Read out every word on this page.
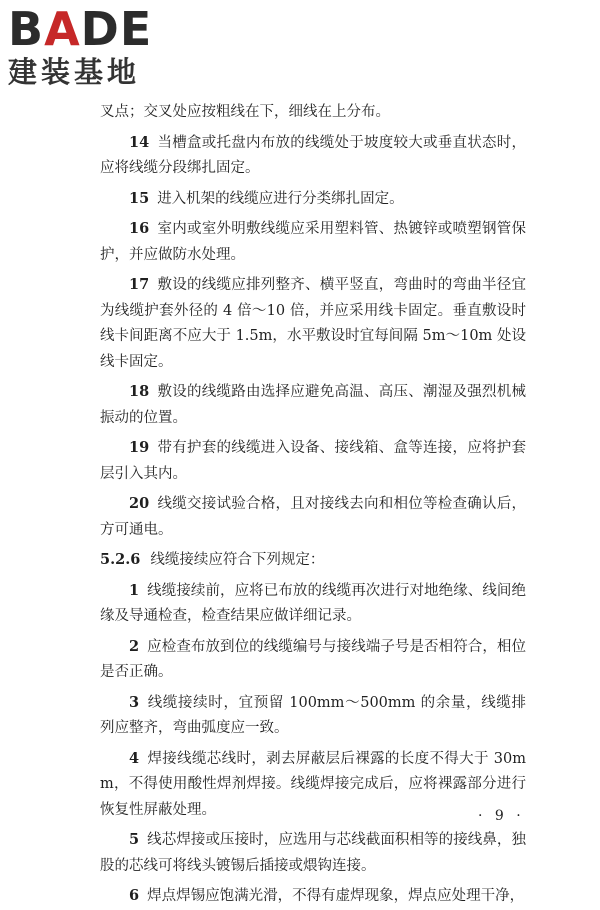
BADE
建装基地

叉点；交叉处应按粗线在下，细线在上分布。

14 当槽盒或托盘内布放的线缆处于坡度较大或垂直状态时，应将线缆分段绑扎固定。

15 进入机架的线缆应进行分类绑扎固定。

16 室内或室外明敷线缆应采用塑料管、热镀锌或喷塑钢管保护，并应做防水处理。

17 敷设的线缆应排列整齐、横平竖直，弯曲时的弯曲半径宜为线缆护套外径的 4 倍～10 倍，并应采用线卡固定。垂直敷设时线卡间距离不应大于 1.5m，水平敷设时宜每间隔 5m～10m 处设线卡固定。

18 敷设的线缆路由选择应避免高温、高压、潮湿及强烈机械振动的位置。

19 带有护套的线缆进入设备、接线箱、盒等连接，应将护套层引入其内。

20 线缆交接试验合格，且对接线去向和相位等检查确认后，方可通电。

5.2.6 线缆接续应符合下列规定：

1 线缆接续前，应将已布放的线缆再次进行对地绝缘、线间绝缘及导通检查，检查结果应做详细记录。

2 应检查布放到位的线缆编号与接线端子号是否相符合，相位是否正确。

3 线缆接续时，宜预留 100mm～500mm 的余量，线缆排列应整齐，弯曲弧度应一致。

4 焊接线缆芯线时，剥去屏蔽层后裸露的长度不得大于 30mm，不得使用酸性焊剂焊接。线缆焊接完成后，应将裸露部分进行恢复性屏蔽处理。

5 线芯焊接或压接时，应选用与芯线截面积相等的接线鼻，独股的芯线可将线头镀锡后插接或煨钩连接。

6 焊点焊锡应饱满光滑，不得有虚焊现象，焊点应处理干净，

· 9 ·
